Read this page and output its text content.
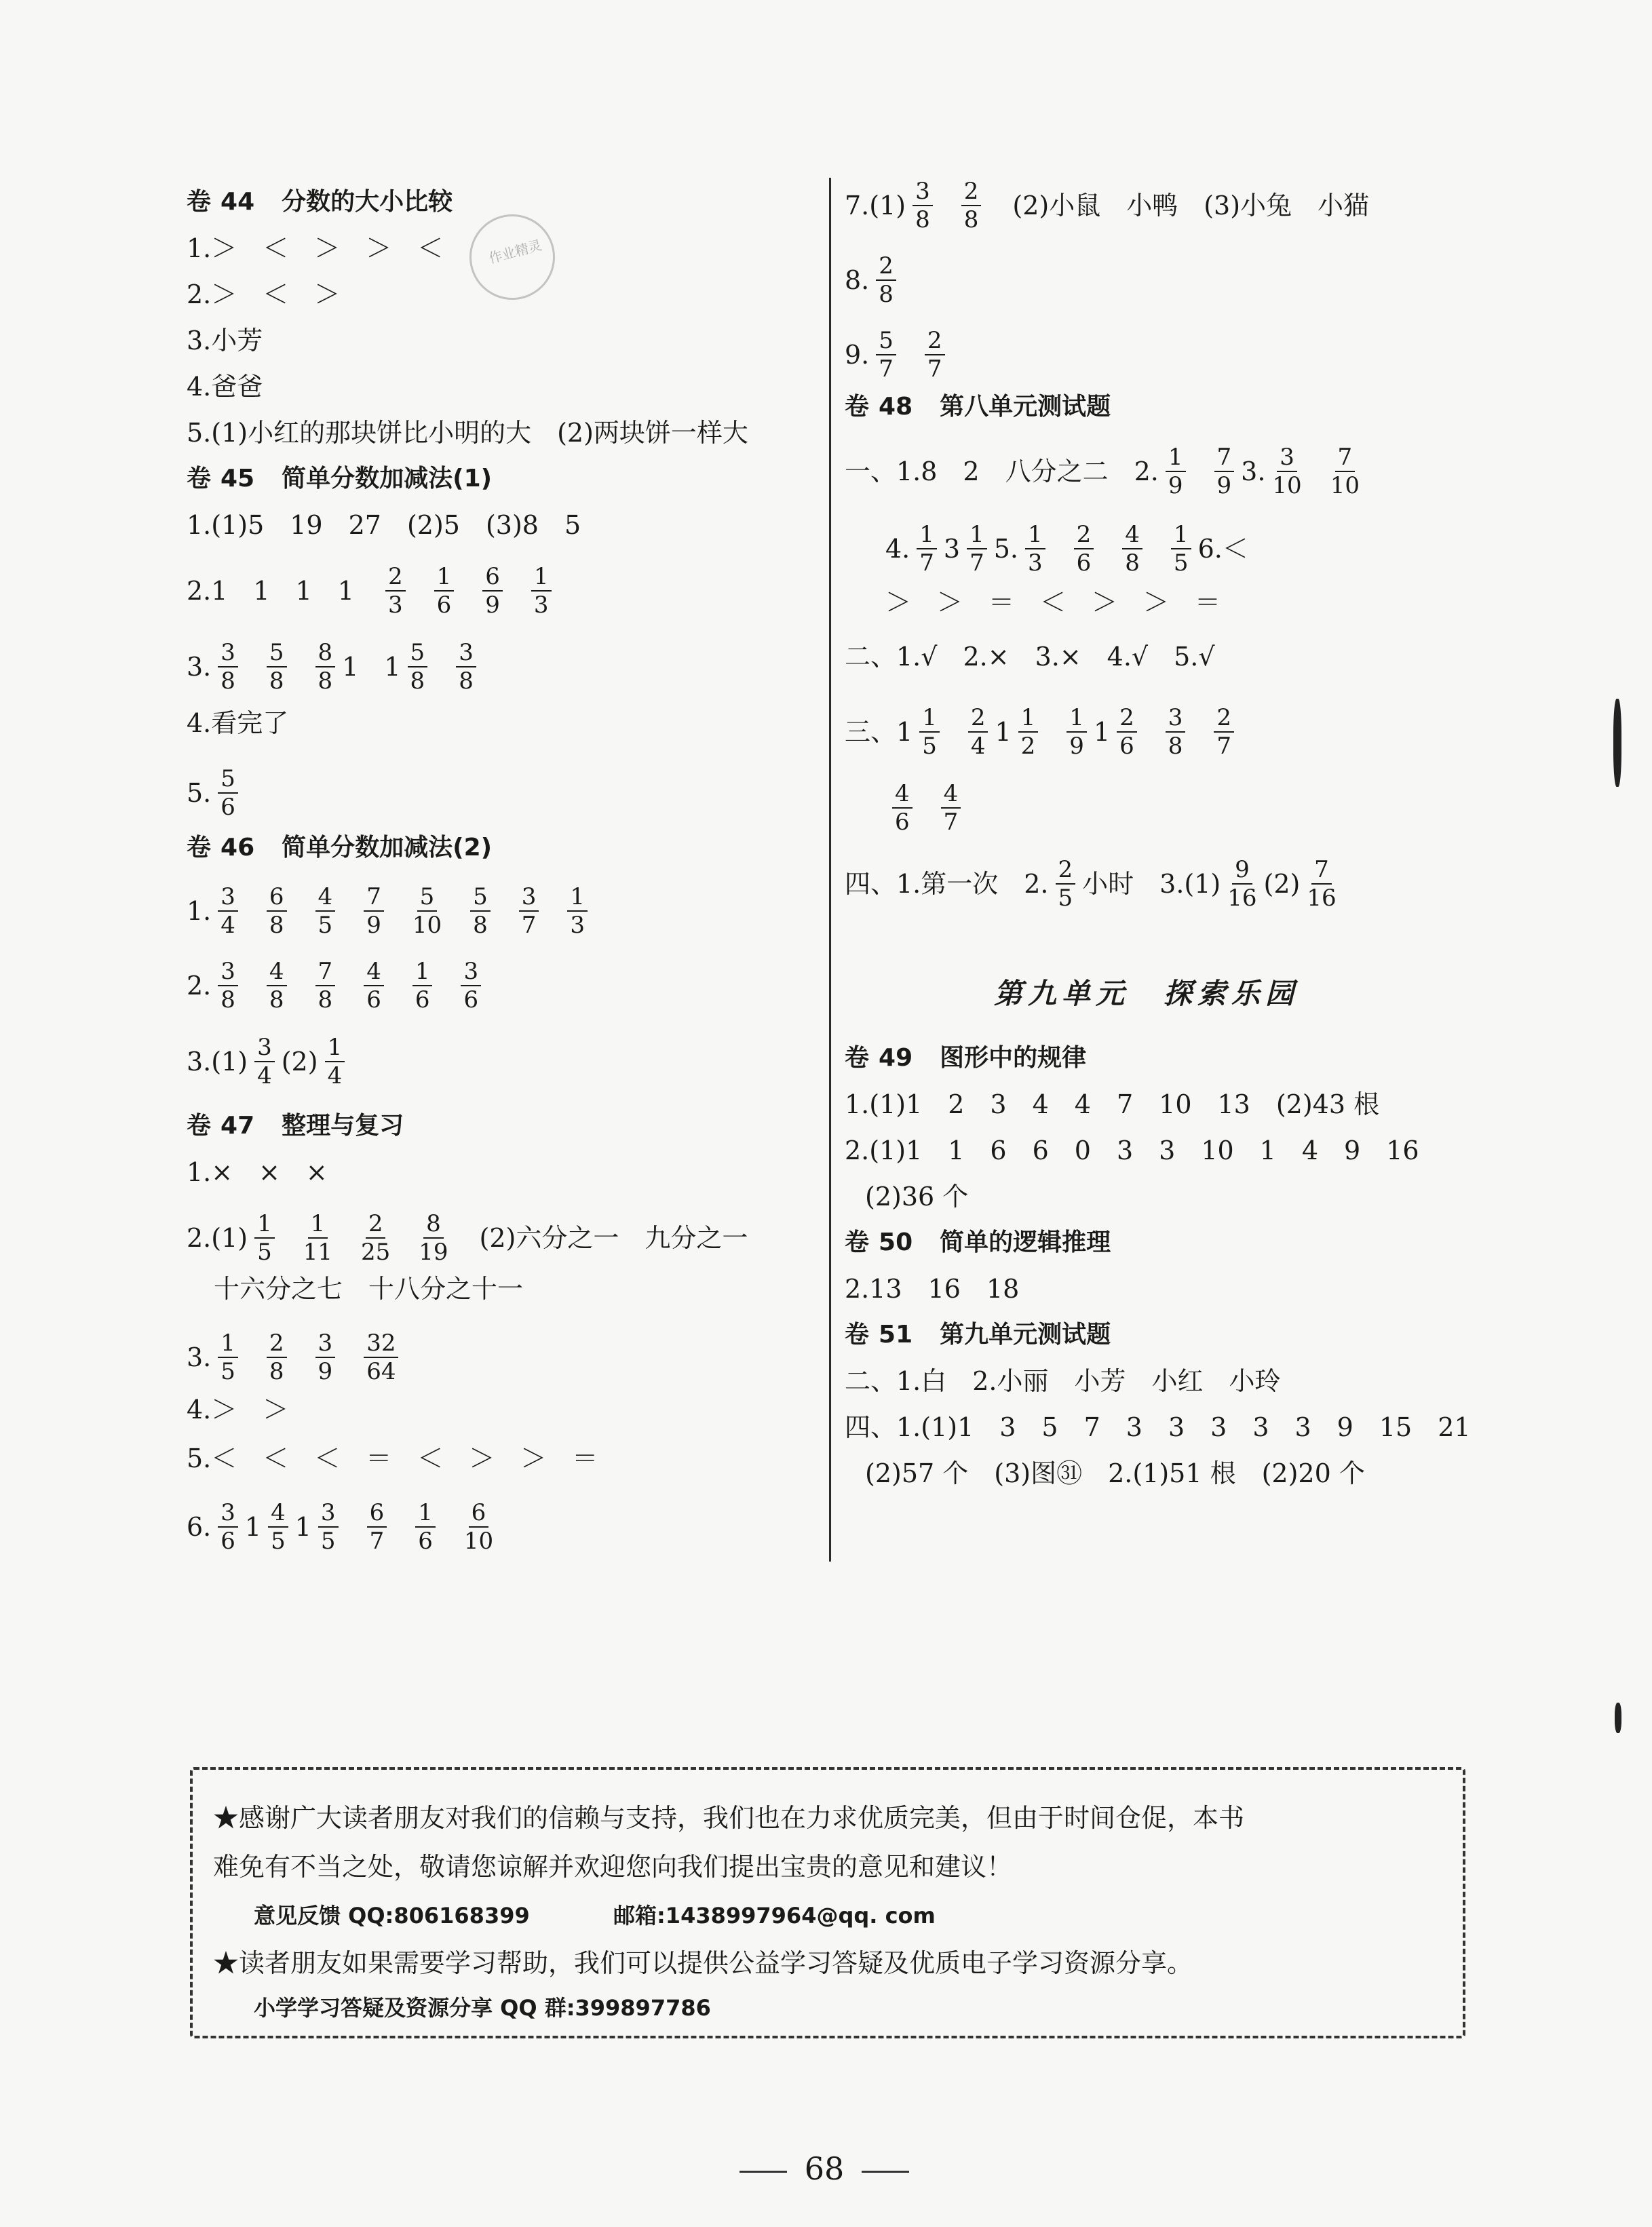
卷 44 分数的大小比较
1.＞　＜　＞　＞　＜
2.＞　＜　＞
3.小芳
4.爸爸
5.(1)小红的那块饼比小明的大　(2)两块饼一样大
卷 45 简单分数加减法(1)
1.(1)5　19　27　(2)5　(3)8　5
2.1　1　1　$1 \frac{2}{3} \frac{1}{6} \frac{6}{9} \frac{1}{3}$
3. $\frac{3}{8} \frac{5}{8} \frac{8}{8} 1$　$1 \frac{5}{8} \frac{3}{8}$
4.看完了
5. $\frac{5}{6}$
卷 46 简单分数加减法(2)
1. $\frac{3}{4} \frac{6}{8} \frac{4}{5} \frac{7}{9} \frac{5}{10} \frac{5}{8} \frac{3}{7} \frac{1}{3}$
2. $\frac{3}{8} \frac{4}{8} \frac{7}{8} \frac{4}{6} \frac{1}{6} \frac{3}{6}$
$3.(1) \frac{3}{4} (2) \frac{1}{4}$
卷 47 整理与复习
1.×　×　×
$2.(1) \frac{1}{5} \frac{1}{11} \frac{2}{25} \frac{8}{19} (2)$六分之一　九分之一
十六分之七　十八分之十一
3. $\frac{1}{5} \frac{2}{8} \frac{3}{9} \frac{32}{64}$
4.＞　＞
5.＜　＜　＜　＝　＜　＞　＞　＝
6. $\frac{3}{6} 1 \frac{4}{5} 1 \frac{3}{5} \frac{6}{7} \frac{1}{6} \frac{6}{10}$
作业精灵
$7.(1) \frac{3}{8} \frac{2}{8} (2)$小鼠　小鸭　(3)小兔　小猫
8. $\frac{2}{8}$
9. $\frac{5}{7} \frac{2}{7}$
卷 48 第八单元测试题
一、1.8　2　八分之二　2. $\frac{1}{9} \frac{7}{9} 3$. $\frac{3}{10} \frac{7}{10}$
4. $\frac{1}{7} 3 \frac{1}{7} 5$. $\frac{1}{3} \frac{2}{6} \frac{4}{8} \frac{1}{5} 6.<$
＞　＞　＝　＜　＞　＞　＝
二、1.√　2.×　3.×　4.√　5.√
三、$1 \frac{1}{5} \frac{2}{4} 1 \frac{1}{2} \frac{1}{9} 1 \frac{2}{6} \frac{3}{8} \frac{2}{7}$
$\frac{4}{6} \frac{4}{7}$
四、1.第一次　2. $\frac{2}{5}$ 小时　$3.(1) \frac{9}{16} (2) \frac{7}{16}$
第九单元　探索乐园
卷 49 图形中的规律
1.(1)1　2　3　4　4　7　10　13　(2)43 根
2.(1)1　1　6　6　0　3　3　10　1　4　9　16
(2)36 个
卷 50 简单的逻辑推理
2.13　16　18
卷 51 第九单元测试题
二、1.白　2.小丽　小芳　小红　小玲
四、1.(1)1　3　5　7　3　3　3　3　3　9　15　21
(2)57 个　(3)图㉛　2.(1)51 根　(2)20 个
★感谢广大读者朋友对我们的信赖与支持，我们也在力求优质完美，但由于时间仓促，本书
难免有不当之处，敬请您谅解并欢迎您向我们提出宝贵的意见和建议！
意见反馈 QQ:806168399	邮箱:1438997964@qq. com
★读者朋友如果需要学习帮助，我们可以提供公益学习答疑及优质电子学习资源分享。
小学学习答疑及资源分享 QQ 群:399897786
68
